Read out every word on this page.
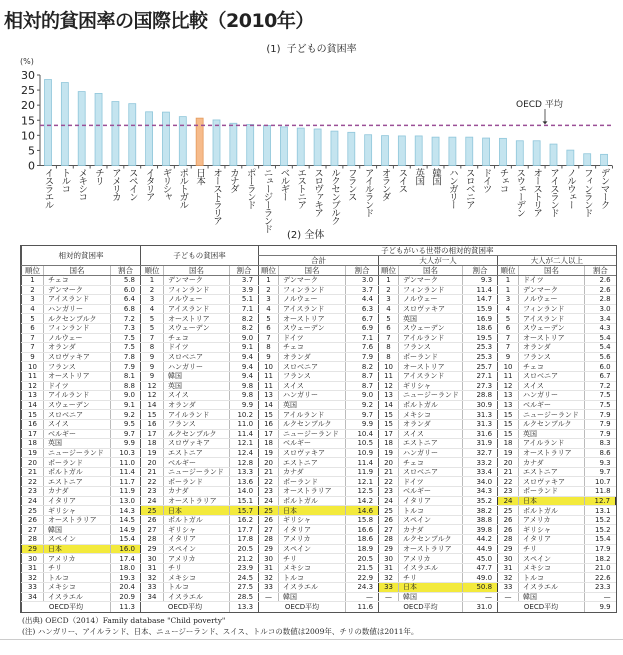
相対的貧困率の国際比較（2010年）
(1) 子どもの貧困率
(%)
0
5
10
15
20
25
30
イスラエル トルコ メキシコ チリ アメリカ スペイン イタリア ギリシャ ポルトガル 日本 オーストラリア カナダ ポーランド ニュージーランド ベルギー エストニア スロヴァキア ルクセンブルク フランス アイルランド オランダ スイス 英国 韓国 ハンガリー スロベニア ドイツ チェコ スウェーデン オーストリア アイスランド ノルウェー フィンランド デンマーク
OECD 平均
(2) 全体
相対的貧困率			子どもの貧困率			子どもがいる世帯の相対的貧困率								
						合計			大人が一人			大人が二人以上		
順位	国名	割合	順位	国名	割合	順位	国名	割合	順位	国名	割合	順位	国名	割合
1	チェコ	5.8	1	デンマーク	3.7	1	デンマーク	3.0	1	デンマーク	9.3	1	ドイツ	2.6
2	デンマーク	6.0	2	フィンランド	3.9	2	フィンランド	3.7	2	フィンランド	11.4	1	デンマーク	2.6
3	アイスランド	6.4	3	ノルウェー	5.1	3	ノルウェー	4.4	3	ノルウェー	14.7	3	ノルウェー	2.8
4	ハンガリー	6.8	4	アイスランド	7.1	4	アイスランド	6.3	4	スロヴァキア	15.9	4	フィンランド	3.0
5	ルクセンブルク	7.2	5	オーストリア	8.2	5	オーストリア	6.7	5	英国	16.9	5	アイスランド	3.4
6	フィンランド	7.3	5	スウェーデン	8.2	6	スウェーデン	6.9	6	スウェーデン	18.6	6	スウェーデン	4.3
7	ノルウェー	7.5	7	チェコ	9.0	7	ドイツ	7.1	7	アイルランド	19.5	7	オーストリア	5.4
7	オランダ	7.5	8	ドイツ	9.1	8	チェコ	7.6	8	フランス	25.3	7	オランダ	5.4
9	スロヴァキア	7.8	9	スロベニア	9.4	9	オランダ	7.9	8	ポーランド	25.3	9	フランス	5.6
10	フランス	7.9	9	ハンガリー	9.4	10	スロベニア	8.2	10	オーストリア	25.7	10	チェコ	6.0
11	オーストリア	8.1	9	韓国	9.4	11	フランス	8.7	11	アイスランド	27.1	11	スロベニア	6.7
12	ドイツ	8.8	12	英国	9.8	11	スイス	8.7	12	ギリシャ	27.3	12	スイス	7.2
13	アイルランド	9.0	12	スイス	9.8	13	ハンガリー	9.0	13	ニュージーランド	28.8	13	ハンガリー	7.5
14	スウェーデン	9.1	14	オランダ	9.9	14	英国	9.2	14	ポルトガル	30.9	13	ベルギー	7.5
15	スロベニア	9.2	15	アイルランド	10.2	15	アイルランド	9.7	15	メキシコ	31.3	15	ニュージーランド	7.9
16	スイス	9.5	16	フランス	11.0	16	ルクセンブルク	9.9	15	オランダ	31.3	15	ルクセンブルク	7.9
17	ベルギー	9.7	17	ルクセンブルク	11.4	17	ニュージーランド	10.4	17	スイス	31.6	15	英国	7.9
18	英国	9.9	18	スロヴァキア	12.1	18	ベルギー	10.5	18	エストニア	31.9	18	アイルランド	8.3
19	ニュージーランド	10.3	19	エストニア	12.4	19	スロヴァキア	10.9	19	ハンガリー	32.7	19	オーストラリア	8.6
20	ポーランド	11.0	20	ベルギー	12.8	20	エストニア	11.4	20	チェコ	33.2	20	カナダ	9.3
21	ポルトガル	11.4	21	ニュージーランド	13.3	21	カナダ	11.9	21	スロベニア	33.4	21	エストニア	9.7
22	エストニア	11.7	22	ポーランド	13.6	22	ポーランド	12.1	22	ドイツ	34.0	22	スロヴァキア	10.7
23	カナダ	11.9	23	カナダ	14.0	23	オーストラリア	12.5	23	ベルギー	34.3	23	ポーランド	11.8
24	イタリア	13.0	24	オーストラリア	15.1	24	ポルトガル	14.2	24	イタリア	35.2	24	日本	12.7
25	ギリシャ	14.3	25	日本	15.7	25	日本	14.6	25	トルコ	38.2	25	ポルトガル	13.1
26	オーストラリア	14.5	26	ポルトガル	16.2	26	ギリシャ	15.8	26	スペイン	38.8	26	アメリカ	15.2
27	韓国	14.9	27	ギリシャ	17.7	27	イタリア	16.6	27	カナダ	39.8	26	ギリシャ	15.2
28	スペイン	15.4	28	イタリア	17.8	28	アメリカ	18.6	28	ルクセンブルク	44.2	28	イタリア	15.4
29	日本	16.0	29	スペイン	20.5	29	スペイン	18.9	29	オーストラリア	44.9	29	チリ	17.9
30	アメリカ	17.4	30	アメリカ	21.2	30	チリ	20.5	30	アメリカ	45.0	30	スペイン	18.2
31	チリ	18.0	31	チリ	23.9	31	メキシコ	21.5	31	イスラエル	47.7	31	メキシコ	21.0
32	トルコ	19.3	32	メキシコ	24.5	32	トルコ	22.9	32	チリ	49.0	32	トルコ	22.6
33	メキシコ	20.4	33	トルコ	27.5	33	イスラエル	24.3	33	日本	50.8	33	イスラエル	23.3
34	イスラエル	20.9	34	イスラエル	28.5	—	韓国	—	—	韓国	—	—	韓国	—
OECD平均		11.3	OECD平均		13.3	OECD平均		11.6	OECD平均		31.0	OECD平均		9.9
(出典) OECD（2014）Family database "Child poverty"
(注) ハンガリー、アイルランド、日本、ニュージーランド、スイス、トルコの数値は2009年、チリの数値は2011年。
